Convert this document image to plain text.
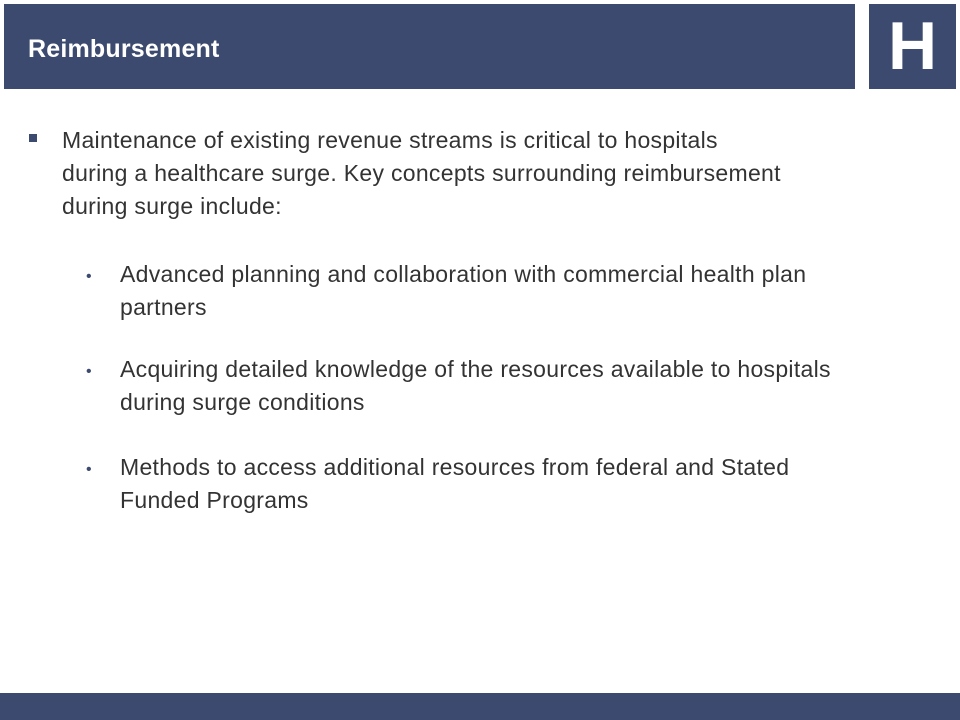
Reimbursement	H

Maintenance of existing revenue streams is critical to hospitals during a healthcare surge. Key concepts surrounding reimbursement during surge include:

• Advanced planning and collaboration with commercial health plan partners

• Acquiring detailed knowledge of the resources available to hospitals during surge conditions

• Methods to access additional resources from federal and Stated Funded Programs
